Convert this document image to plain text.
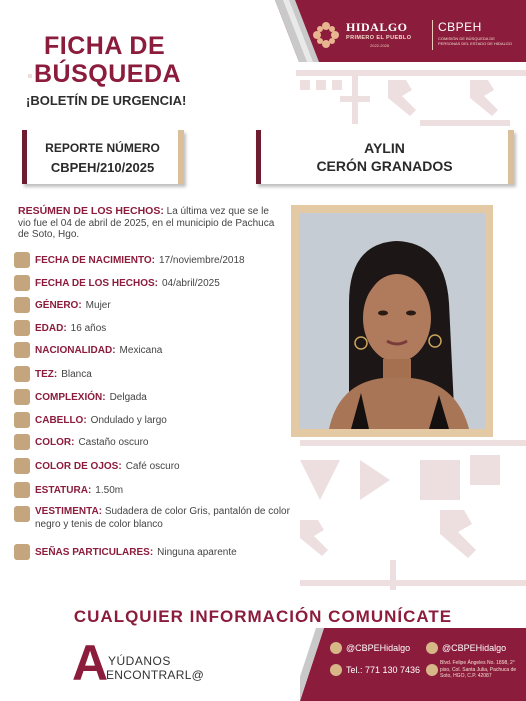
HIDALGO
PRIMERO EL PUEBLO
2022-2028
CBPEH
COMISIÓN DE BÚSQUEDA DE PERSONAS DEL ESTADO DE HIDALGO
FICHA DE
BÚSQUEDA
¡BOLETÍN DE URGENCIA!
REPORTE NÚMERO
CBPEH/210/2025
AYLIN
CERÓN GRANADOS
RESÚMEN DE LOS HECHOS: La última vez que se le vio fue el 04 de abril de 2025, en el municipio de Pachuca de Soto, Hgo.
FECHA DE NACIMIENTO: 17/noviembre/2018
FECHA DE LOS HECHOS: 04/abril/2025
GÉNERO: Mujer
EDAD: 16 años
NACIONALIDAD: Mexicana
TEZ: Blanca
COMPLEXIÓN: Delgada
CABELLO: Ondulado y largo
COLOR: Castaño oscuro
COLOR DE OJOS: Café oscuro
ESTATURA: 1.50m
VESTIMENTA: Sudadera de color Gris, pantalón de color negro y tenis de color blanco
SEÑAS PARTICULARES: Ninguna aparente
CUALQUIER INFORMACIÓN COMUNÍCATE
A YÚDANOS
ENCONTRARL@
@CBPEHidalgo	@CBPEHidalgo
Tel.: 771 130 7436
Blvd. Felipe Ángeles No. 1898, 2° piso, Col. Santa Julia, Pachuca de Soto, HGO, C.P. 42087
